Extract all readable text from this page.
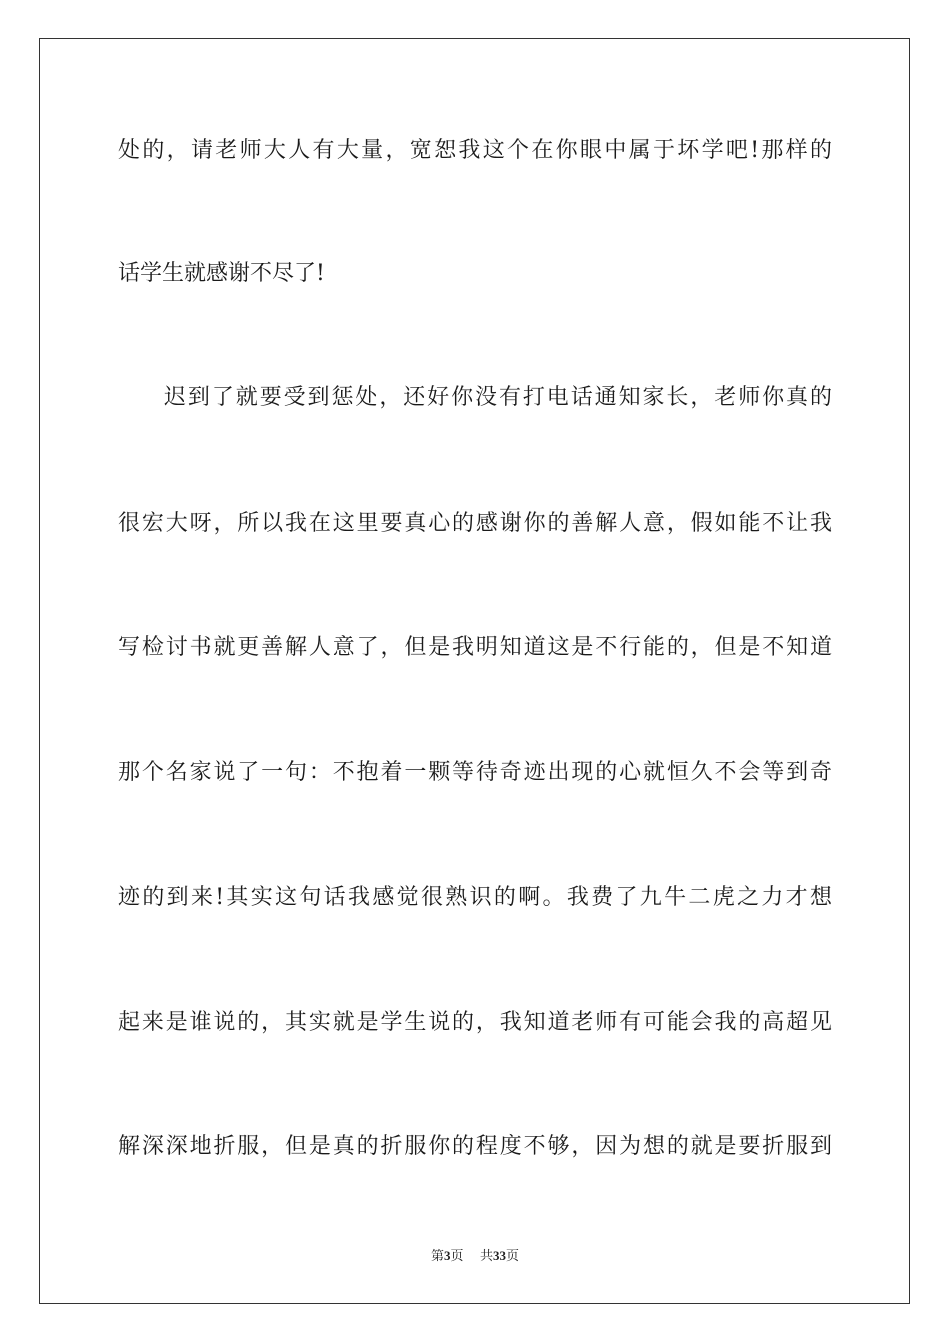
处的，请老师大人有大量，宽恕我这个在你眼中属于坏学吧!那样的
话学生就感谢不尽了!
迟到了就要受到惩处，还好你没有打电话通知家长，老师你真的
很宏大呀，所以我在这里要真心的感谢你的善解人意，假如能不让我
写检讨书就更善解人意了，但是我明知道这是不行能的，但是不知道
那个名家说了一句：不抱着一颗等待奇迹出现的心就恒久不会等到奇
迹的到来!其实这句话我感觉很熟识的啊。我费了九牛二虎之力才想
起来是谁说的，其实就是学生说的，我知道老师有可能会我的高超见
解深深地折服，但是真的折服你的程度不够，因为想的就是要折服到
第3页 共33页
